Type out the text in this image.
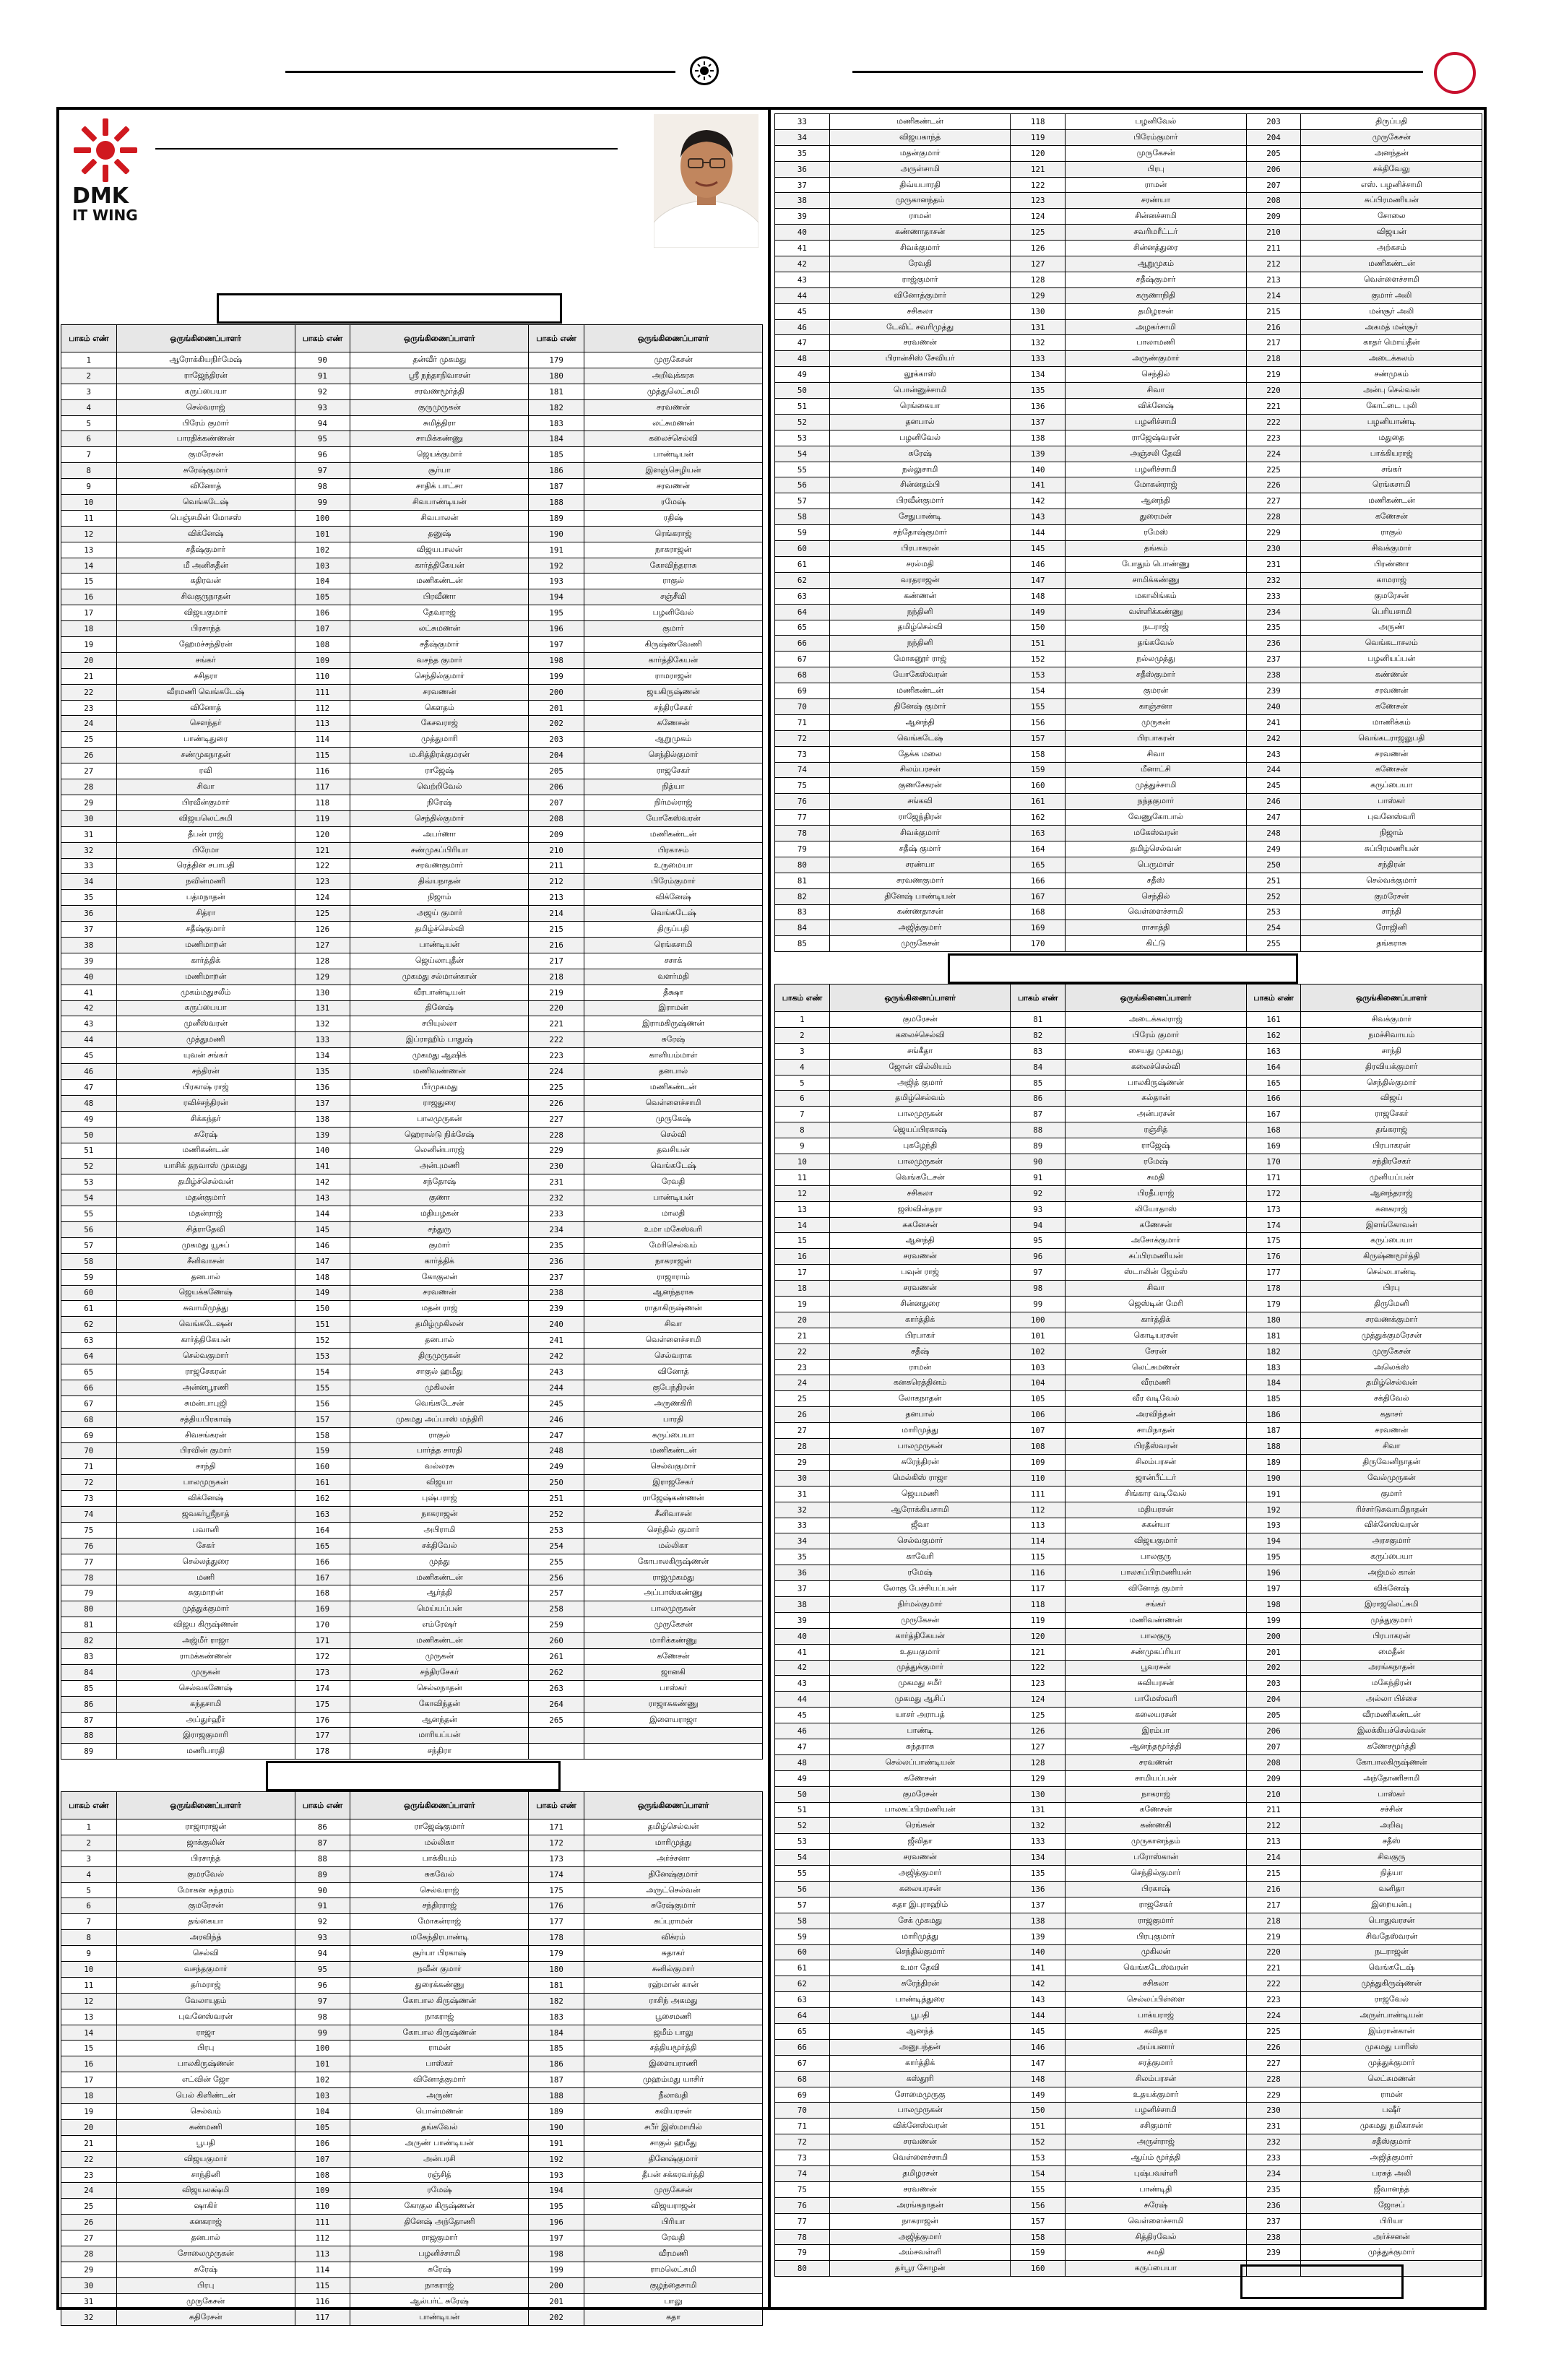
DMK
IT WING
பாகம் எண்	ஒருங்கிணைப்பாளர்	பாகம் எண்	ஒருங்கிணைப்பாளர்	பாகம் எண்	ஒருங்கிணைப்பாளர்
1	ஆரோக்கியநிர்மேஷ்	90	தன்வீர் முகமது	179	முருகேசன்
2	ராஜேந்திரன்	91	ஸ்ரீ நந்தாநிவாசன்	180	அறிவுக்கரசு
3	கருப்பையா	92	சரவணமூர்த்தி	181	முத்துலெட்சுமி
4	செல்வராஜ்	93	குருமுருகன்	182	சரவணன்
5	பிரேம் குமார்	94	சுமித்திரா	183	லட்சுமணன்
6	பாரதிக்கண்ணன்	95	சாமிக்கண்ணு	184	கலைச்செல்வி
7	குமரேசன்	96	ஜெயக்குமார்	185	பாண்டியன்
8	சுரேஷ்குமார்	97	சூர்யா	186	இளஞ்செழியன்
9	வினோத்	98	சாதிக் பாட்சா	187	சரவணன்
10	வெங்கடேஷ்	99	சிவபாண்டியன்	188	ரமேஷ்
11	பெஞ்சமின் மோசஸ்	100	சிவபாலன்	189	ரதிஷ்
12	விக்னேஷ்	101	தனுஷ்	190	ரெங்கராஜ்
13	சதீஷ்குமார்	102	விஜயபாலன்	191	நாகராஜன்
14	மீ அனிசுதீன்	103	கார்த்திகேயன்	192	கோவிந்தராசு
15	கதிரவன்	104	மணிகண்டன்	193	ராகுல்
16	சிவகுருநாதன்	105	பிரவீணா	194	சஞ்சீவி
17	விஜயகுமார்	106	தேவராஜ்	195	பழனிவேல்
18	பிரசாந்த்	107	லட்சுமணன்	196	குமார்
19	ஹேமச்சந்திரன்	108	சதீஷ்குமார்	197	கிருஷ்ணவேணி
20	சங்கர்	109	வசந்த குமார்	198	கார்த்திகேயன்
21	சசிதரா	110	செந்தில்குமார்	199	ராமராஜன்
22	வீரமணி வெங்கடேஷ்	111	சரவணன்	200	ஜயகிருஷ்ணன்
23	வினோத்	112	கௌதம்	201	சந்திரசேகர்
24	செளந்தர்	113	கேசவராஜ்	202	கணேசன்
25	பாண்டிதுரை	114	முத்துமாரி	203	ஆறுமுகம்
26	சண்முகநாதன்	115	ம.சித்திரக்குமரன்	204	செந்தில்குமார்
27	ரவி	116	ராஜேஷ்	205	ராஜசேகர்
28	சிவா	117	வெற்றிவேல்	206	நித்யா
29	பிரவீன்குமார்	118	நிரேஷ்	207	நிர்மல்ராஜ்
30	விஜயலெட்சுமி	119	செந்தில்குமார்	208	யோகேஸ்வரன்
31	தீபன் ராஜ்	120	அபர்ணா	209	மணிகண்டன்
32	பிரேமா	121	சண்முகப்பிரியா	210	பிரகாசம்
33	ரெத்தின சபாபதி	122	சரவணகுமார்	211	உருமையா
34	நவின்மணி	123	திவ்யநாதன்	212	பிரேம்குமார்
35	பத்மநாதன்	124	நிஜாம்	213	விக்னேஷ்
36	சித்ரா	125	அஜய் குமார்	214	வெங்கடேஷ்
37	சதீஷ்குமார்	126	தமிழ்ச்செல்வி	215	திருப்பதி
38	மணிமாறன்	127	பாண்டியன்	216	ரெங்கசாமி
39	கார்த்திக்	128	ஜெய்லாபுதீன்	217	சசாக்
40	மணிமாறன்	129	முகமது சல்மான்கான்	218	வளர்மதி
41	முகம்மதுசலீம்	130	வீரபாண்டியன்	219	தீக்ஷா
42	கருப்பையா	131	தினேஷ்	220	இராமன்
43	முனீஸ்வரன்	132	சபியுல்லா	221	இராமகிருஷ்ணன்
44	முத்துமணி	133	இப்ராஹிம் பாதுஷ்	222	சுரேஷ்
45	யுவன் சங்கர்	134	முகமது ஆஷிக்	223	காளியம்மாள்
46	சந்திரன்	135	மணிவண்ணன்	224	தனபால்
47	பிரகாஷ் ராஜ்	136	பீர்முகமது	225	மணிகண்டன்
48	ரவிச்சந்திரன்	137	ராஜதுரை	226	வெள்ளைச்சாமி
49	சிக்கந்தர்	138	பாலமுருகன்	227	முருகேஷ்
50	சுரேஷ்	139	ஹெரால்டு நிக்சேஷ்	228	செல்வி
51	மணிகண்டன்	140	லெனின்பாரஜ்	229	தவசியன்
52	யாசிக் தநவாஸ் முகமது	141	அன்புமணி	230	வெங்கடேஷ்
53	தமிழ்ச்செல்வன்	142	சந்தோஷ்	231	ரேவதி
54	மதன்குமார்	143	குணா	232	பாண்டியன்
55	மதன்ராஜ்	144	மதியழகன்	233	மாலதி
56	சித்ராதேவி	145	சந்துரு	234	உமா மகேஸ்வரி
57	முகமது யூசுப்	146	குமார்	235	மேரிசெல்வம்
58	சீனிவாசன்	147	கார்த்திக்	236	நாகராஜன்
59	தனபால்	148	கோகுலன்	237	ராஜாராம்
60	ஜெயக்கணேஷ்	149	சரவணன்	238	ஆனந்தராசு
61	சுவாமிமுத்து	150	மதன் ராஜ்	239	ராதாகிருஷ்ணன்
62	வெங்கடேஷன்	151	தமிழ்முகிலன்	240	சிவா
63	கார்த்திகேயன்	152	தனபால்	241	வெள்ளைச்சாமி
64	செல்வகுமார்	153	திருமுருகன்	242	செல்வராக
65	ராஜசேகரன்	154	சாகுல் ஹமீது	243	வினோத்
66	அன்னபூரணி	155	முகிலன்	244	குபேந்திரன்
67	சுமன்பாபுஜி	156	வெங்கடேசன்	245	அருணகிரி
68	சத்தியபிரகாஷ்	157	முகமது அப்பாஸ் மந்திரி	246	பாரதி
69	சிவசங்கரன்	158	ராகுல்	247	கருப்பையா
70	பிரவின் குமார்	159	பார்த்த சாரதி	248	மணிகண்டன்
71	சாந்தி	160	வல்லரசு	249	செல்வகுமார்
72	பாலமுருகன்	161	விஜயா	250	இராஜசேகர்
73	விக்னேஷ்	162	புஷ்பராஜ்	251	ராஜேஷ்கண்ணன்
74	ஜவகர்ஸ்ரீநாத்	163	நாகராஜன்	252	சீனிவாசன்
75	பவானி	164	அபிராமி	253	செந்தில் குமார்
76	சேகர்	165	சக்திவேல்	254	மல்லிகா
77	செல்லத்துரை	166	முத்து	255	கோபாலகிருஷ்ணன்
78	மணி	167	மணிகண்டன்	256	ராஜமுகமது
79	சுகுமாறன்	168	ஆர்த்தி	257	அப்பாஸ்கண்ணு
80	முத்துக்குமார்	169	மெய்யப்பன்	258	பாலமுருகன்
81	விஜய கிருஷ்ணன்	170	எம்ரேஷர்	259	முருகேசன்
82	அஜ்மீர் ராஜா	171	மணிகண்டன்	260	மாரிக்கண்ணு
83	ராமக்கண்ணன்	172	முருகன்	261	கணேசன்
84	முருகன்	173	சந்திரசேகர்	262	ஜானகி
85	செல்வகணேஷ்	174	செல்லநாதன்	263	பாஸ்கர்
86	கந்தசாமி	175	கோவிந்தன்	264	ராஜாசுகண்ணு
87	அப்துர்ஹீர்	176	ஆனந்தன்	265	இளையராஜா
88	இராஜகுமாரி	177	மாரியப்பன்		
89	மணிபாரதி	178	சந்திரா		
பாகம் எண்	ஒருங்கிணைப்பாளர்	பாகம் எண்	ஒருங்கிணைப்பாளர்	பாகம் எண்	ஒருங்கிணைப்பாளர்
1	ராஜாராஜன்	86	ராஜேஷ்குமார்	171	தமிழ்செல்வன்
2	ஜாக்குலின்	87	மல்லிகா	172	மாரிமுத்து
3	பிரசாந்த்	88	பாக்கியம்	173	அர்ச்சனா
4	குமரவேல்	89	சுகவேல்	174	தினேஷ்குமார்
5	மோகன சுந்தரம்	90	செல்வராஜ்	175	அருட்செல்வன்
6	குமரேசன்	91	சந்திரராஜ்	176	சுரேஷ்குமார்
7	தங்கையா	92	மோகன்ராஜ்	177	சுப்புராமன்
8	அரவிந்த்	93	மகேந்திரபாண்டி	178	விக்ரம்
9	செல்வி	94	சூர்யா பிரகாஷ்	179	சுதாகர்
10	வசந்தகுமார்	95	நவீன் குமார்	180	சுனில்குமார்
11	தர்மராஜ்	96	துரைக்கண்ணு	181	ரஹ்மான் கான்
12	வேலாயுதம்	97	கோபால கிருஷ்ணன்	182	ராசிந் அகமது
13	புவனேஸ்வரன்	98	நாகராஜ்	183	பூசைமணி
14	ராஜா	99	கோபால கிருஷ்ணன்	184	ஜமீம் பாலு
15	பிரபு	100	ராமன்	185	சத்தியமூர்த்தி
16	பாலகிருஷ்ணன்	101	பாஸ்கர்	186	இளையராணி
17	எட்வின் ஜோ	102	வினோத்குமார்	187	முஹம்மது யாசிர்
18	பெல் கிளிண்டன்	103	அருண்	188	நீலாவதி
19	செல்வம்	104	பொன்மணன்	189	கவியரசன்
20	கண்மணி	105	தங்கவேல்	190	சபீர் இஸ்மாயில்
21	பூபதி	106	அருண் பாண்டியன்	191	சாகுல் ஹமீது
22	விஜயகுமார்	107	அன்பரசி	192	தினேஷ்குமார்
23	சாந்தினி	108	ரஞ்சித்	193	தீபன் சக்கரவர்த்தி
24	விஜயலக்ஷ்மி	109	ரமேஷ்	194	முருகேசன்
25	ஷாகிர்	110	கோகுல கிருஷ்ணன்	195	விஜயராஜன்
26	கனகராஜ்	111	தினேஷ் அந்தோணி	196	பிரியா
27	தனபால்	112	ராஜகுமார்	197	ரேவதி
28	சோலைமுருகன்	113	பழனிச்சாமி	198	வீரமணி
29	சுரேஷ்	114	சுரேஷ்	199	ராமலெட்சுமி
30	பிரபு	115	நாகராஜ்	200	குழந்தைசாமி
31	முருகேசன்	116	ஆல்பர்ட் சுரேஷ்	201	பாலு
32	கதிரேசன்	117	பாண்டியன்	202	கதா
33	மணிகண்டன்	118	பழனிவேல்	203	திருப்பதி
34	விஜயகாந்த்	119	பிரேம்குமார்	204	முருகேசன்
35	மதன்குமார்	120	முருகேசன்	205	அனந்தன்
36	அருள்சாமி	121	பிரபு	206	சக்திவேலு
37	திவ்யபாரதி	122	ராமன்	207	எஸ். பழனிச்சாமி
38	முருகானந்தம்	123	சரண்யா	208	சுப்பிரமணியன்
39	ராமன்	124	சின்னச்சாமி	209	சோலை
40	கண்ணாதாசன்	125	சவரிமரீட்டர்	210	விஜயன்
41	சிவக்குமார்	126	சின்னத்துரை	211	அற்கசம்
42	ரேவதி	127	ஆறுமுகம்	212	மணிகண்டன்
43	ராஜ்குமார்	128	சதீஷ்குமார்	213	வெள்ளைச்சாமி
44	வினோத்குமார்	129	கருணாநிதி	214	குமார் அலி
45	சசிகலா	130	தமிழரசன்	215	மன்சூர் அலி
46	டேவிட் சவரிமுத்து	131	அழகர்சாமி	216	அகமத் மன்சூர்
47	சரவணன்	132	பாலாமணி	217	காதர் மொய்தீன்
48	பிரான்சிஸ் சேவியர்	133	அருண்குமார்	218	அடைக்கலம்
49	லூக்காஸ்	134	செந்தில்	219	சண்முகம்
50	பொன்னுச்சாமி	135	சிவா	220	அன்பு செல்வன்
51	ரெங்கையா	136	விக்னேஷ்	221	கோட்டை புலி
52	தனபால்	137	பழனிச்சாமி	222	பழனியாண்டி
53	பழனிவேல்	138	ராஜேஷ்வரன்	223	மதுதை
54	சுரேஷ்	139	அஞ்சலி தேவி	224	பாக்கியராஜ்
55	நல்லுசாமி	140	பழனிச்சாமி	225	சங்கர்
56	சின்னதம்பி	141	மோகன்ராஜ்	226	ரெங்கசாமி
57	பிரவீன்குமார்	142	ஆனந்தி	227	மணிகண்டன்
58	சேதுபாண்டி	143	துரைமன்	228	கணேசன்
59	சந்தோஷ்குமார்	144	ரமேஸ்	229	ராகுல்
60	பிரபாகரன்	145	தங்கம்	230	சிவக்குமார்
61	சரல்மதி	146	போதும் பொண்ணு	231	பிரண்ணா
62	வரதராஜன்	147	சாமிக்கண்ணு	232	காமராஜ்
63	கண்ணன்	148	மகாலிங்கம்	233	குமரேசன்
64	நந்தினி	149	வள்ளிக்கண்ணு	234	பெரியசாமி
65	தமிழ்செல்வி	150	நடராஜ்	235	அருண்
66	நந்தினி	151	தங்கவேல்	236	வெங்கடாசலம்
67	மோகனூர் ராஜ்	152	நல்லமுத்து	237	பழனியப்பன்
68	யோகேஸ்வரன்	153	சதீஸ்குமார்	238	கண்ணன்
69	மணிகண்டன்	154	குமரன்	239	சரவணன்
70	தினேஷ் குமார்	155	காஞ்சனா	240	கணேசன்
71	ஆனந்தி	156	முருகன்	241	மாணிக்கம்
72	வெங்கடேஷ்	157	பிரபாகரன்	242	வெங்கடராஜலுபதி
73	தேக்க மலை	158	சிவா	243	சரவணன்
74	சிலம்பரசன்	159	மீனாட்சி	244	கணேசன்
75	குணசேகரன்	160	முத்துச்சாமி	245	கருப்பையா
76	சங்கவி	161	நந்தகுமார்	246	பாஸ்கர்
77	ராஜேந்திரன்	162	வேணுகோபால்	247	புவனேஸ்வரி
78	சிவக்குமார்	163	மகேஸ்வரன்	248	நிஜாம்
79	சதீஷ் குமார்	164	தமிழ்செல்வன்	249	சுப்பிரமணியன்
80	சரண்யா	165	பெருமாள்	250	சந்திரன்
81	சரவணகுமார்	166	சதீஸ்	251	செல்வக்குமார்
82	தினேஷ் பாண்டியன்	167	செந்தில்	252	குமரேசன்
83	கண்ணதாசன்	168	வெள்ளைச்சாமி	253	சாந்தி
84	அஜித்குமார்	169	ராசாத்தி	254	ரோஜினி
85	முருகேசன்	170	கிட்டு	255	தங்கராசு
பாகம் எண்	ஒருங்கிணைப்பாளர்	பாகம் எண்	ஒருங்கிணைப்பாளர்	பாகம் எண்	ஒருங்கிணைப்பாளர்
1	குமரேசன்	81	அடைக்கலராஜ்	161	சிவக்குமார்
2	கலைச்செல்வி	82	பிரேம் குமார்	162	நமச்சிவாயம்
3	சங்கீதா	83	சையது முகமது	163	சாந்தி
4	ஜோன் வில்லியம்	84	கலைச்செல்வி	164	திரவியக்குமார்
5	அஜித் குமார்	85	பாலகிருஷ்ணன்	165	செந்தில்குமார்
6	தமிழ்செல்வம்	86	சுல்தான்	166	விஜய்
7	பாலமுருகன்	87	அன்பரசன்	167	ராஜசேகர்
8	ஜெயப்பிரகாஷ்	88	ரஞ்சித்	168	தங்கராஜ்
9	புகழேந்தி	89	ராஜேஷ்	169	பிரபாகரன்
10	பாலமுருகன்	90	ரமேஷ்	170	சந்திரசேகர்
11	வெங்கடேசன்	91	சுமதி	171	முனியப்பன்
12	சசிகலா	92	பிரதீபராஜ்	172	ஆனந்தராஜ்
13	ஜஸ்வின்தரா	93	லியோதாஸ்	173	கனகராஜ்
14	சுகனேசன்	94	கணேசன்	174	இளங்கோவன்
15	ஆனந்தி	95	அசோக்குமார்	175	கருப்பையா
16	சரவணன்	96	சுப்பிரமணியன்	176	கிருஷ்ணமூர்த்தி
17	பவுன் ராஜ்	97	ஸ்டாலின் ஜேம்ஸ்	177	செல்லபாண்டி
18	சரவணன்	98	சிவா	178	பிரபு
19	சின்னதுரை	99	ஜெஸ்டின் மேரி	179	திருமேனி
20	கார்த்திக்	100	கார்த்திக்	180	சரவணக்குமார்
21	பிரபாகர்	101	கொடியரசன்	181	முத்துக்குமரேசன்
22	சதீஷ்	102	சேரன்	182	முருகேசன்
23	ராமன்	103	லெட்சுமணன்	183	அலெக்ஸ்
24	கனகரெத்தினம்	104	வீரமணி	184	தமிழ்செல்வன்
25	லோகநாதன்	105	வீர வடிவேல்	185	சக்திவேல்
26	தனபால்	106	அரவிந்தன்	186	கதாசர்
27	மாரிமுத்து	107	சாமிநாதன்	187	சரவணன்
28	பாலமுருகன்	108	பிரதீஸ்வரன்	188	சிவா
29	சுரேந்திரன்	109	சிலம்பரசன்	189	திருவேனிநாதன்
30	மெல்கிஸ் ராஜா	110	ஜான்பீட்டர்	190	வேல்முருகன்
31	ஜெயமணி	111	சிங்கார வடிவேல்	191	குமார்
32	ஆரோக்கியசாமி	112	மதியரசன்	192	ரிச்சர்டுசுவாமிநாதன்
33	ஜீவா	113	சுகன்யா	193	விக்னேஸ்வரன்
34	செல்வகுமார்	114	விஜயகுமார்	194	அரசகுமார்
35	காவேரி	115	பாலகுரு	195	கருப்பையா
36	ரமேஷ்	116	பாலசுப்பிரமணியன்	196	அஜ்மல் கான்
37	லோகு பேச்சியப்பன்	117	வினோத் குமார்	197	விக்னேஷ்
38	நிர்மல்குமார்	118	சங்கர்	198	இராஜலெட்சுமி
39	முருகேசன்	119	மணிவண்ணன்	199	முத்துகுமார்
40	கார்த்திகேயன்	120	பாலகுரு	200	பிரபாகரன்
41	உதயகுமார்	121	சண்முகப்ரியா	201	மைதீன்
42	முத்துக்குமார்	122	பூவரசன்	202	அரங்கநாதன்
43	முகமது சமீர்	123	சுவியரசன்	203	மகேந்திரன்
44	முகமது ஆசிப்	124	பாமேஸ்வரி	204	அல்லா பிச்சை
45	யாசர் அராபத்	125	கலையரசன்	205	வீரமணிகண்டன்
46	பாண்டி	126	இரம்பா	206	இலக்கியச்செல்வன்
47	சுந்தராசு	127	ஆனந்தமூர்த்தி	207	கணேசமூர்த்தி
48	செல்லப்பாண்டியன்	128	சரவணன்	208	கோபாலகிருஷ்ணன்
49	கணேசன்	129	சாமியப்பன்	209	அந்தோணிசாமி
50	குமரேசன்	130	நாகராஜ்	210	பாஸ்கர்
51	பாலசுப்பிரமணியன்	131	கணேசன்	211	சச்சின்
52	ரெங்கன்	132	கண்ணகி	212	அறிவு
53	ஜீவிதா	133	முருகானந்தம்	213	சதீஸ்
54	சரவணன்	134	பரோஸ்கான்	214	சிவகுரு
55	அஜித்குமார்	135	செந்தில்குமார்	215	நித்யா
56	கலையரசன்	136	பிரகாஷ்	216	வனிதா
57	சுதா இபுராஹிம்	137	ராஜசேகர்	217	இறையன்பு
58	சேக் முகமது	138	ராஜகுமார்	218	பொதுவரசன்
59	மாரிமுத்து	139	பிரபுகுமார்	219	சிவதேஸ்வரன்
60	செந்தில்குமார்	140	முகிலன்	220	நடராஜன்
61	உமா தேவி	141	வெங்கடேஸ்வரன்	221	வெங்கடேஷ்
62	சுரேந்திரன்	142	சசிகலா	222	முத்துகிருஷ்ணன்
63	பாண்டித்துரை	143	செல்லப்பிள்ளை	223	ராஜவேல்
64	பூபதி	144	பாக்யராஜ்	224	அருள்பாண்டியன்
65	ஆனந்த்	145	கவிதா	225	இம்ரான்கான்
66	அனுபந்தன்	146	அய்யனார்	226	முகமது பாரிஸ்
67	கார்த்திக்	147	சரத்குமார்	227	முத்துக்குமார்
68	கஸ்தூரி	148	சிலம்பரசன்	228	லெட்சுமணன்
69	சோமைமுருகு	149	உதயக்குமார்	229	ராமன்
70	பாலமுருகன்	150	பழனிச்சாமி	230	பஷீர்
71	விக்னேஸ்வரன்	151	சசிகுமார்	231	முகமது நமிகாசன்
72	சரவணன்	152	அருள்ராஜ்	232	சதீஸ்குமார்
73	வெள்ளைச்சாமி	153	ஆய்ம் மூர்த்தி	233	அஜித்குமார்
74	தமிழரசன்	154	புஷ்பவள்ளி	234	பரசுத் அலி
75	சரவணன்	155	பாண்டிதி	235	ஜீவானந்த்
76	அரங்கநாதன்	156	சுரேஷ்	236	ஜோசப்
77	நாகராஜன்	157	வெள்ளைச்சாமி	237	பிரியா
78	அஜித்குமார்	158	சித்திரவேல்	238	அர்ச்சனன்
79	அம்சவள்ளி	159	சுமதி	239	முத்துக்குமார்
80	தர்பூர சோழன்	160	கருப்பையா		
